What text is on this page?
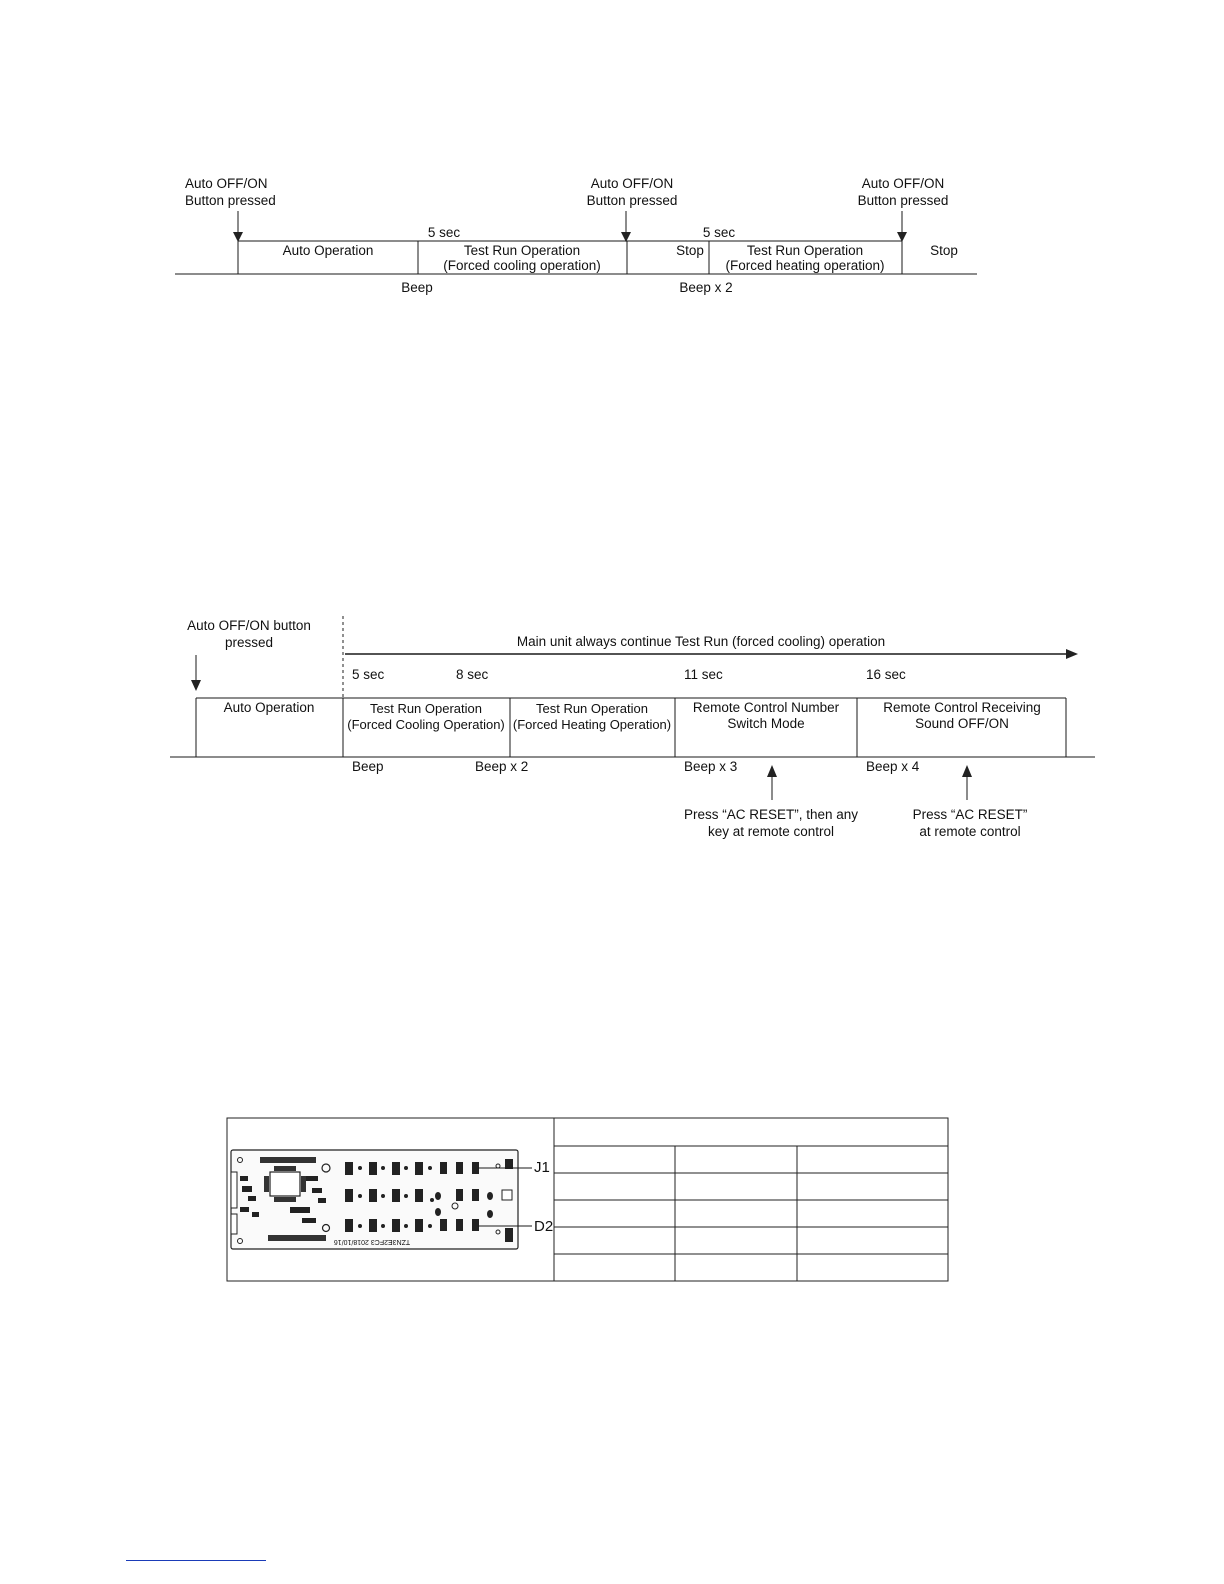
Auto OFF/ON
Button pressed
Auto OFF/ON
Button pressed
Auto OFF/ON
Button pressed
5 sec	5 sec
Auto Operation	Test Run Operation
(Forced cooling operation)
Stop	Test Run Operation
(Forced heating operation)
Stop
Beep	Beep x 2
Auto OFF/ON button
pressed	Main unit always continue Test Run (forced cooling) operation
5 sec	8 sec	11 sec	16 sec
Auto Operation	Test Run Operation
(Forced Cooling Operation)
Test Run Operation
(Forced Heating Operation)
Remote Control Number
Switch Mode
Remote Control Receiving
Sound OFF/ON
Beep	Beep x 2	Beep x 3	Beep x 4
Press “AC RESET”, then any
key at remote control
Press “AC RESET”
at remote control
TZN3E2FC3 2018/10/16
J1
D2
